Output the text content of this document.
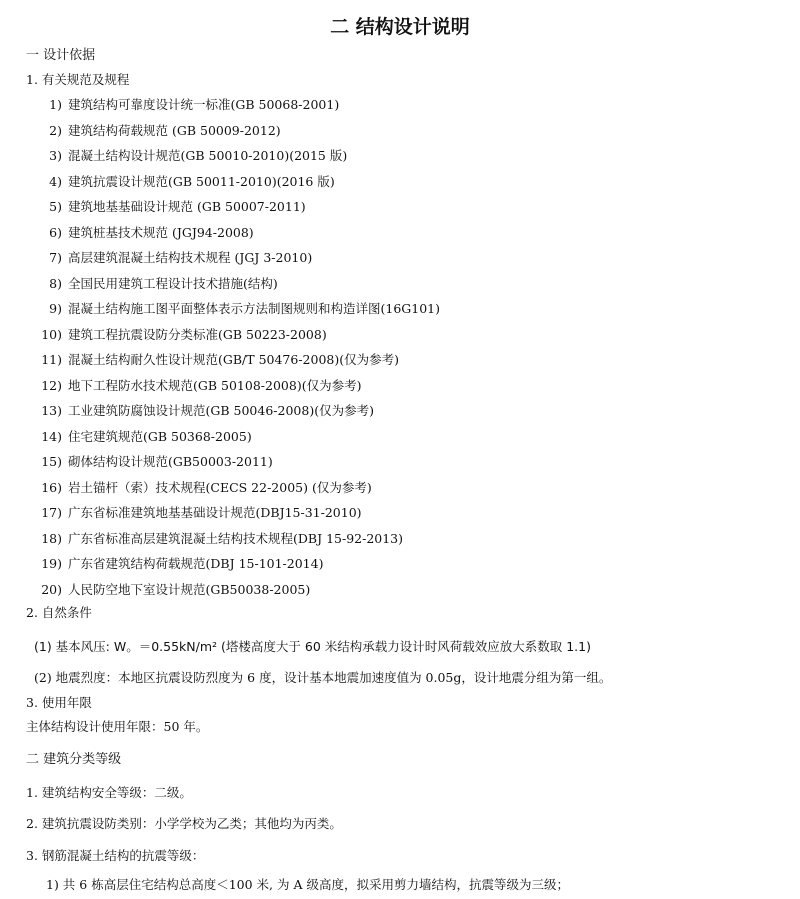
二 结构设计说明
一 设计依据
1. 有关规范及规程
1) 建筑结构可靠度设计统一标准(GB 50068-2001)
2) 建筑结构荷载规范 (GB 50009-2012)
3) 混凝土结构设计规范(GB 50010-2010)(2015 版)
4) 建筑抗震设计规范(GB 50011-2010)(2016 版)
5) 建筑地基基础设计规范 (GB 50007-2011)
6) 建筑桩基技术规范 (JGJ94-2008)
7) 高层建筑混凝土结构技术规程 (JGJ 3-2010)
8) 全国民用建筑工程设计技术措施(结构)
9) 混凝土结构施工图平面整体表示方法制图规则和构造详图(16G101)
10) 建筑工程抗震设防分类标准(GB 50223-2008)
11) 混凝土结构耐久性设计规范(GB/T 50476-2008)(仅为参考)
12) 地下工程防水技术规范(GB 50108-2008)(仅为参考)
13) 工业建筑防腐蚀设计规范(GB 50046-2008)(仅为参考)
14) 住宅建筑规范(GB 50368-2005)
15) 砌体结构设计规范(GB50003-2011)
16) 岩土锚杆（索）技术规程(CECS 22-2005) (仅为参考)
17) 广东省标准建筑地基基础设计规范(DBJ15-31-2010)
18) 广东省标准高层建筑混凝土结构技术规程(DBJ 15-92-2013)
19) 广东省建筑结构荷载规范(DBJ 15-101-2014)
20) 人民防空地下室设计规范(GB50038-2005)
2. 自然条件
(1) 基本风压: W。＝0.55kN/m² (塔楼高度大于 60 米结构承载力设计时风荷载效应放大系数取 1.1)
(2) 地震烈度：本地区抗震设防烈度为 6 度，设计基本地震加速度值为 0.05g，设计地震分组为第一组。
3. 使用年限
主体结构设计使用年限：50 年。
二 建筑分类等级
1. 建筑结构安全等级：二级。
2. 建筑抗震设防类别：小学学校为乙类；其他均为丙类。
3. 钢筋混凝土结构的抗震等级：
1) 共 6 栋高层住宅结构总高度＜100 米, 为 A 级高度，拟采用剪力墙结构，抗震等级为三级；
